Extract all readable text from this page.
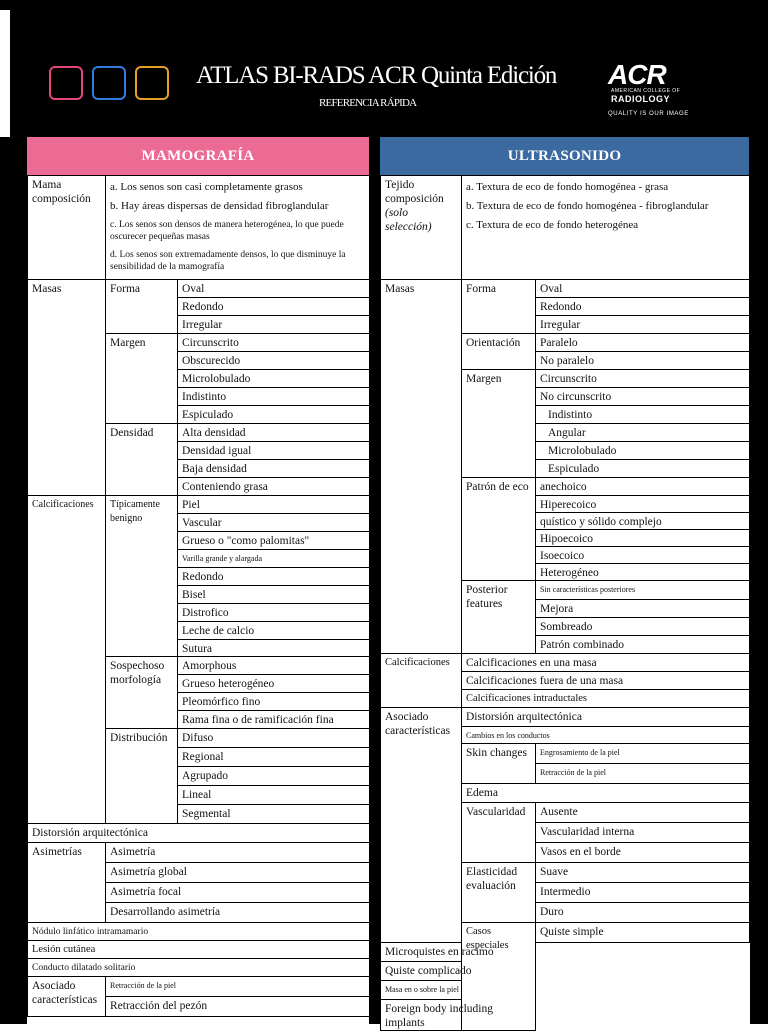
ATLAS BI-RADS ACR Quinta Edición
REFERENCIA RÁPIDA
ACR
AMERICAN COLLEGE OF
RADIOLOGY
QUALITY IS OUR IMAGE
MAMOGRAFÍA
Mama composición	a. Los senos son casi completamente grasos
b. Hay áreas dispersas de densidad fibroglandular
c. Los senos son densos de manera heterogénea, lo que puede oscurecer pequeñas masas
d. Los senos son extremadamente densos, lo que disminuye la sensibilidad de la mamografía	

Masas	Forma	Oval
		Redondo
		Irregular
	Margen	Circunscrito
		Obscurecido
		Microlobulado
		Indistinto
		Espiculado
	Densidad	Alta densidad
		Densidad igual
		Baja densidad
		Conteniendo grasa
Calcificaciones	Típicamente benigno	Piel
		Vascular
		Grueso o "como palomitas"
		Varilla grande y alargada
		Redondo
		Bisel
		Distrofico
		Leche de calcio
		Sutura
	Sospechoso morfología	Amorphous
		Grueso heterogéneo
		Pleomórfico fino
		Rama fina o de ramificación fina
	Distribución	Difuso
		Regional
		Agrupado
		Lineal
		Segmental
Distorsión arquitectónica		
Asimetrías	Asimetría	
	Asimetría global	
	Asimetría focal	
	Desarrollando asimetría	
Nódulo linfático intramamario		
Lesión cutánea		
Conducto dilatado solitario		
Asociado características	Retracción de la piel	
	Retracción del pezón	
ULTRASONIDO
Tejido composición
(solo selección)	a. Textura de eco de fondo homogénea - grasa
b. Textura de eco de fondo homogénea - fibroglandular
c. Textura de eco de fondo heterogénea	

Masas	Forma	Oval
		Redondo
		Irregular
	Orientación	Paralelo
		No paralelo
	Margen	Circunscrito
		No circunscrito
		Indistinto
		Angular
		Microlobulado
		Espiculado
	Patrón de eco	anechoico
		Hiperecoico
		quístico y sólido complejo
		Hipoecoico
		Isoecoico
		Heterogéneo
	Posterior features	Sin características posteriores
		Mejora
		Sombreado
		Patrón combinado
Calcificaciones	Calcificaciones en una masa	
	Calcificaciones fuera de una masa	
	Calcificaciones intraductales	
Asociado características	Distorsión arquitectónica	
	Cambios en los conductos	
	Skin changes	Engrosamiento de la piel
		Retracción de la piel
	Edema	
	Vascularidad	Ausente
		Vascularidad interna
		Vasos en el borde
	Elasticidad evaluación	Suave
		Intermedio
		Duro
	Casos especiales	Quiste simple
Microquistes en racimo		
Quiste complicado		
Masa en o sobre la piel		
Foreign body including implants		
